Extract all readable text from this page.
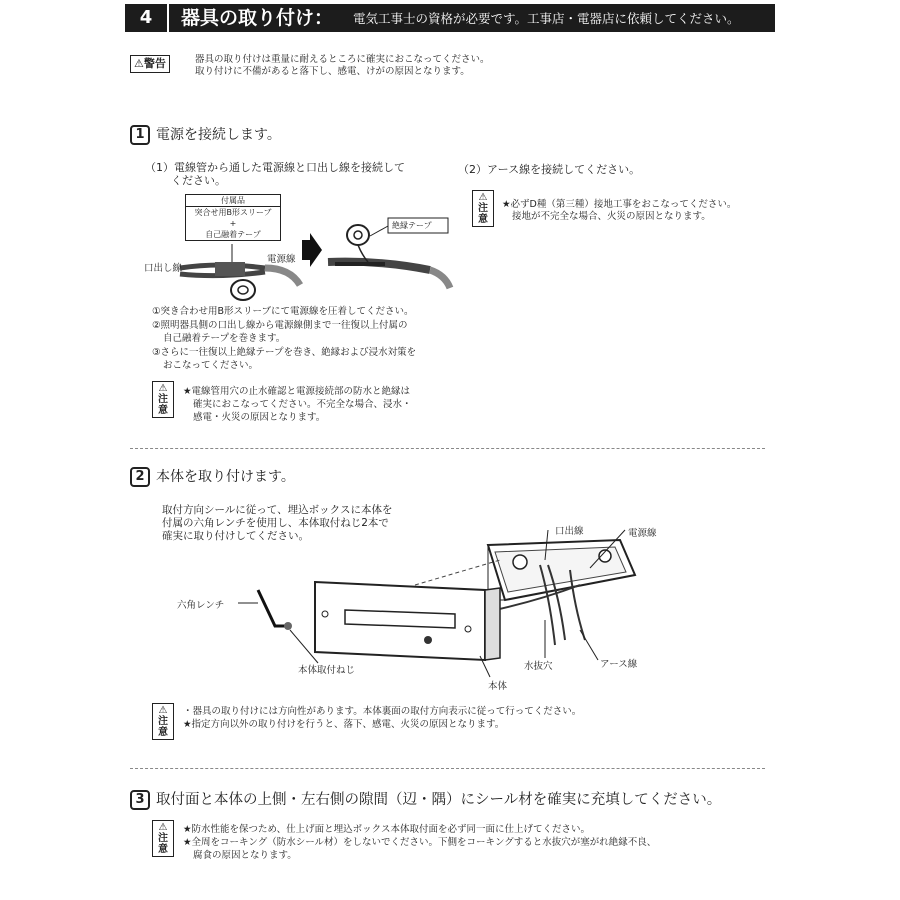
4	器具の取り付け： 電気工事士の資格が必要です。工事店・電器店に依頼してください。
⚠警告	器具の取り付けは重量に耐えるところに確実におこなってください。
取り付けに不備があると落下し、感電、けがの原因となります。
1 電源を接続します。
（1）電線管から通した電源線と口出し線を接続して
ください。
（2）アース線を接続してください。
付属品
突合せ用B形スリーブ
+
自己融着テープ
絶縁テープ
口出し線
電源線
①突き合わせ用B形スリーブにて電源線を圧着してください。
②照明器具側の口出し線から電源線側まで一往復以上付属の
自己融着テープを巻きます。
③さらに一往復以上絶縁テープを巻き、絶縁および浸水対策を
おこなってください。
⚠
注
意
★電線管用穴の止水確認と電源接続部の防水と絶縁は
確実におこなってください。不完全な場合、浸水・
感電・火災の原因となります。
⚠
注
意
★必ずD種（第三種）接地工事をおこなってください。
接地が不完全な場合、火災の原因となります。
2 本体を取り付けます。
取付方向シールに従って、埋込ボックスに本体を
付属の六角レンチを使用し、本体取付ねじ2本で
確実に取り付けしてください。	口出線	電源線
六角レンチ
本体取付ねじ	水抜穴	アース線
本体
⚠
注
意
・器具の取り付けには方向性があります。本体裏面の取付方向表示に従って行ってください。
★指定方向以外の取り付けを行うと、落下、感電、火災の原因となります。
3 取付面と本体の上側・左右側の隙間（辺・隅）にシール材を確実に充填してください。
⚠
注
意
★防水性能を保つため、仕上げ面と埋込ボックス本体取付面を必ず同一面に仕上げてください。
★全周をコーキング（防水シール材）をしないでください。下側をコーキングすると水抜穴が塞がれ絶縁不良、
腐食の原因となります。
